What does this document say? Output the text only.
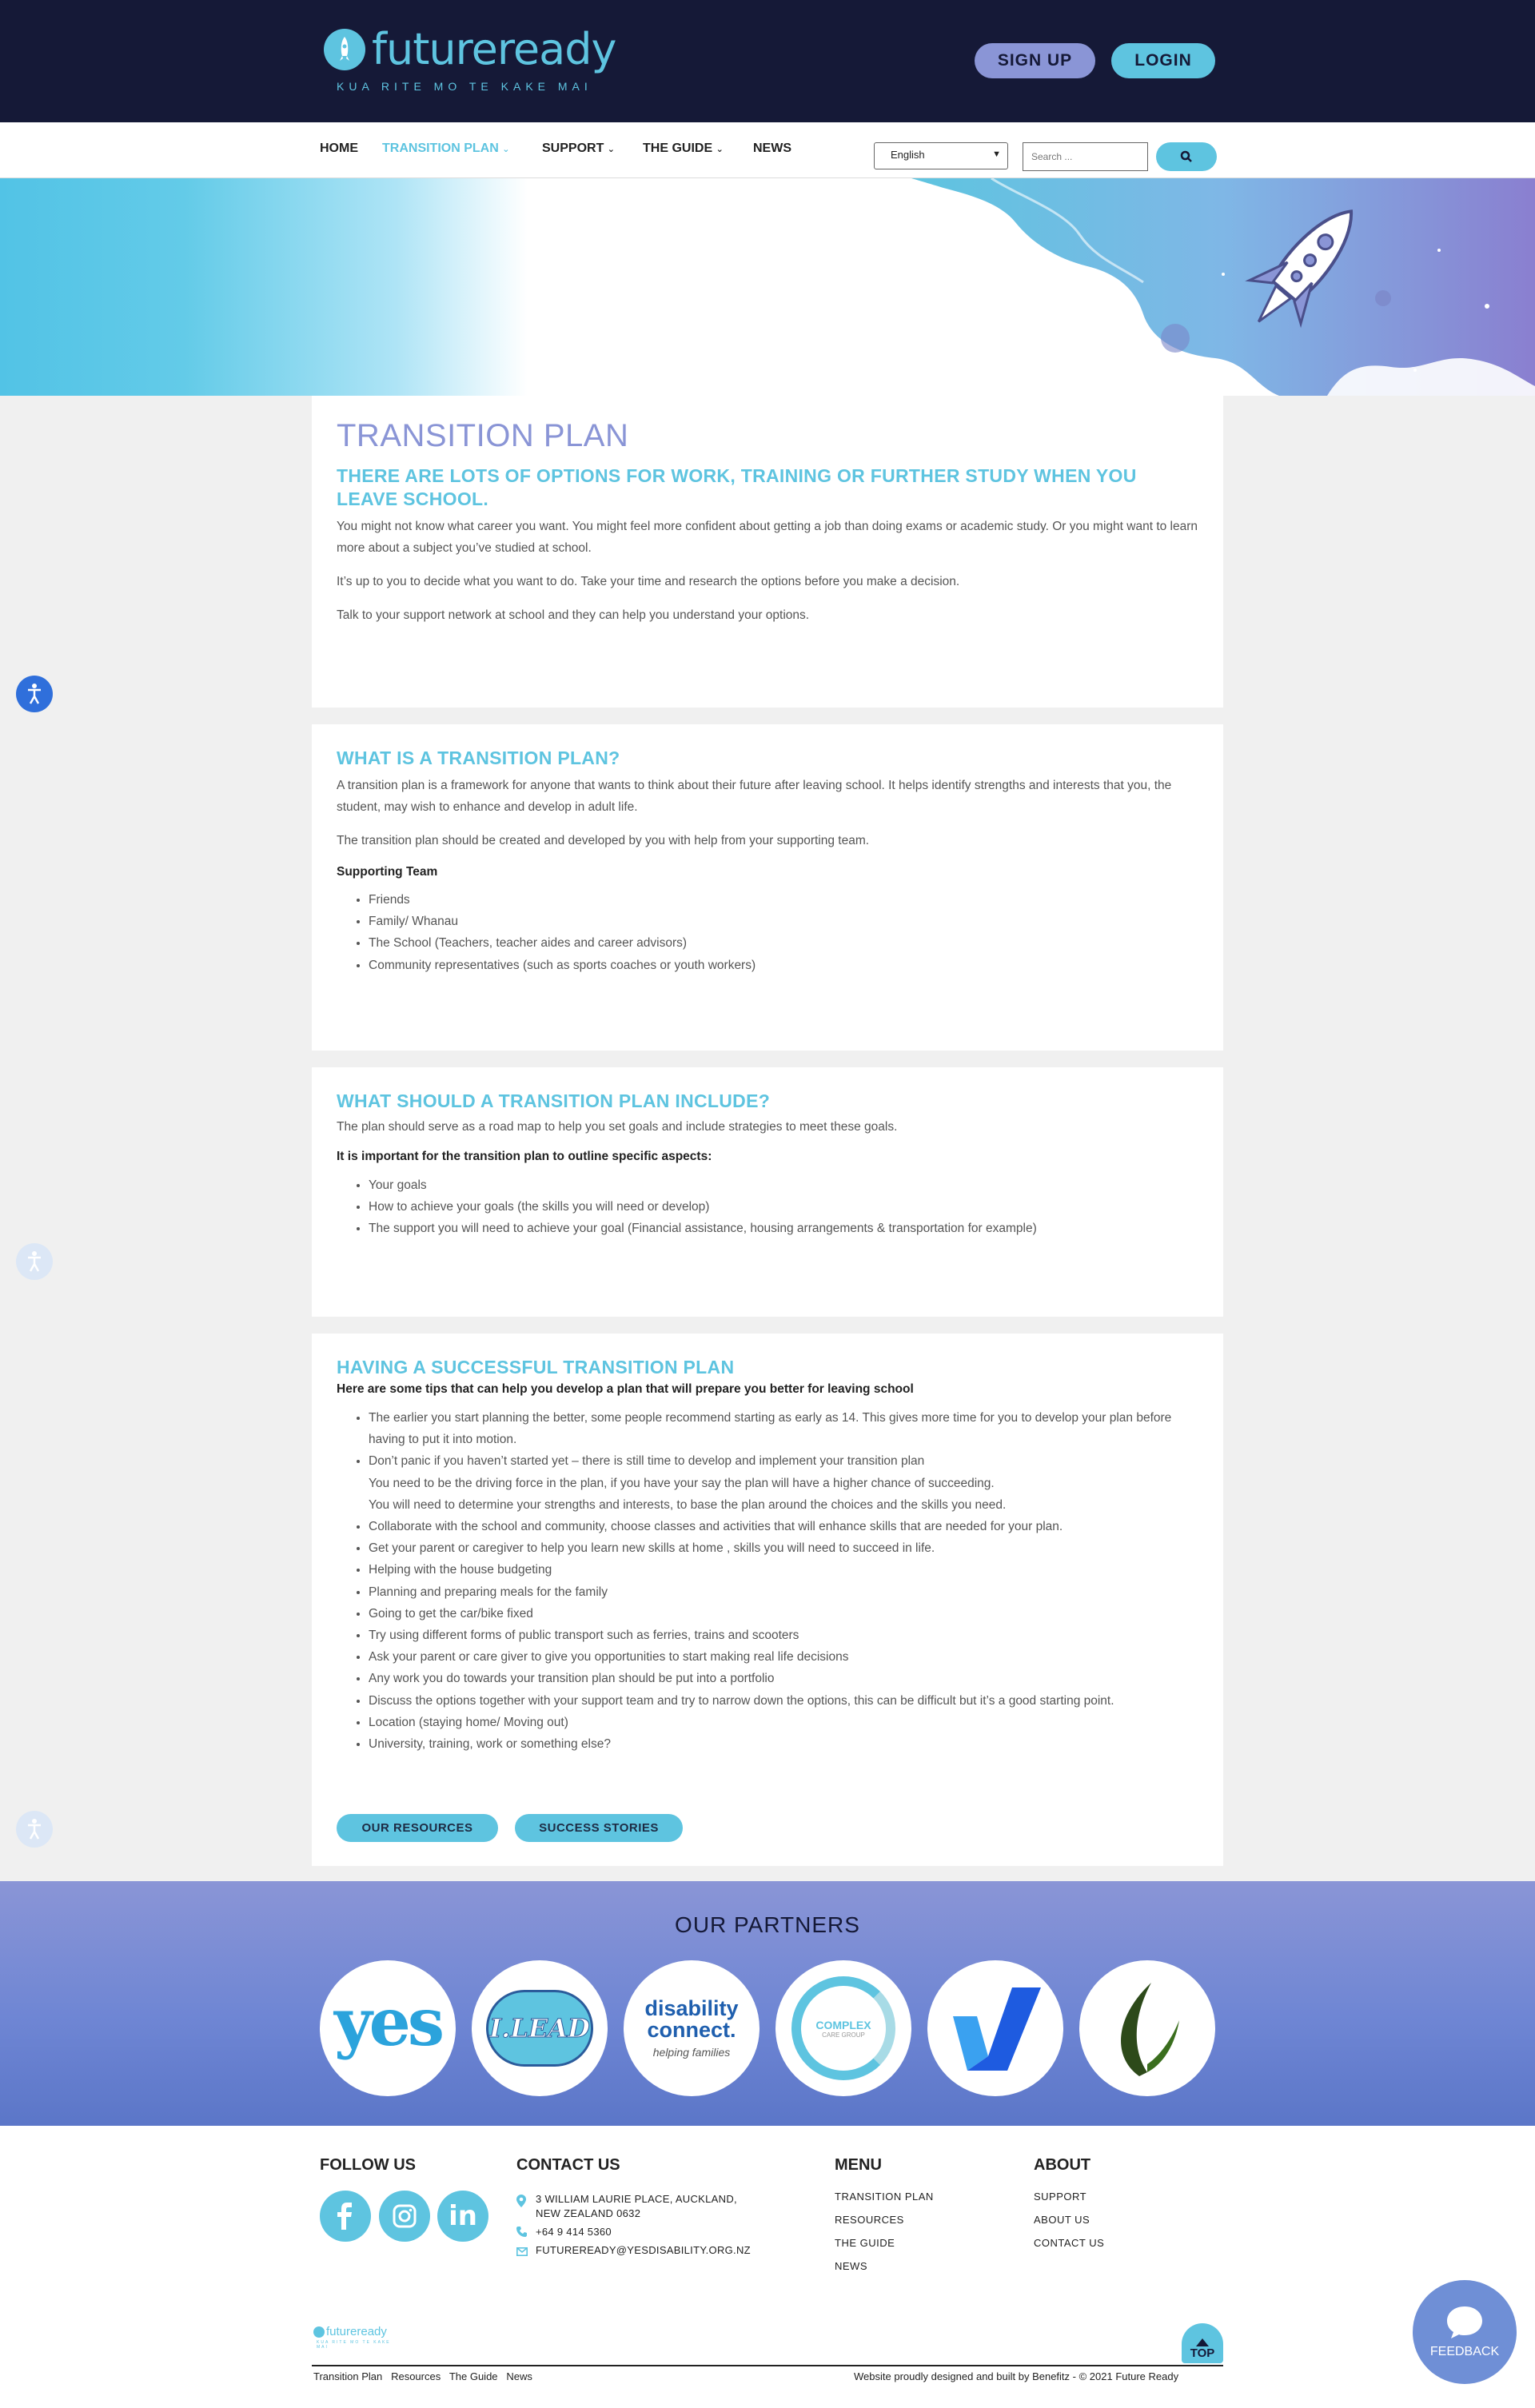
futureready
KUA RITE MO TE KAKE MAI
SIGN UP	LOGIN
HOME TRANSITION PLAN ⌄	SUPPORT ⌄ THE GUIDE ⌄ NEWS	English	▼	Search ...
TRANSITION PLAN
THERE ARE LOTS OF OPTIONS FOR WORK, TRAINING OR FURTHER STUDY WHEN YOU LEAVE SCHOOL.

You might not know what career you want. You might feel more confident about getting a job than doing exams or academic study. Or you might want to learn more about a subject you’ve studied at school.

It’s up to you to decide what you want to do. Take your time and research the options before you make a decision.

Talk to your support network at school and they can help you understand your options.

WHAT IS A TRANSITION PLAN?

A transition plan is a framework for anyone that wants to think about their future after leaving school. It helps identify strengths and interests that you, the student, may wish to enhance and develop in adult life.

The transition plan should be created and developed by you with help from your supporting team.

Supporting Team

• Friends
• Family/ Whanau
• The School (Teachers, teacher aides and career advisors)
• Community representatives (such as sports coaches or youth workers)
WHAT SHOULD A TRANSITION PLAN INCLUDE?

The plan should serve as a road map to help you set goals and include strategies to meet these goals.

It is important for the transition plan to outline specific aspects:

• Your goals
• How to achieve your goals (the skills you will need or develop)
• The support you will need to achieve your goal (Financial assistance, housing arrangements & transportation for example)
HAVING A SUCCESSFUL TRANSITION PLAN

Here are some tips that can help you develop a plan that will prepare you better for leaving school

• The earlier you start planning the better, some people recommend starting as early as 14. This gives more time for you to develop your plan before having to put it into motion.
• Don’t panic if you haven’t started yet – there is still time to develop and implement your transition plan
You need to be the driving force in the plan, if you have your say the plan will have a higher chance of succeeding.
You will need to determine your strengths and interests, to base the plan around the choices and the skills you need.
• Collaborate with the school and community, choose classes and activities that will enhance skills that are needed for your plan.
• Get your parent or caregiver to help you learn new skills at home , skills you will need to succeed in life.
• Helping with the house budgeting
• Planning and preparing meals for the family
• Going to get the car/bike fixed
• Try using different forms of public transport such as ferries, trains and scooters
• Ask your parent or care giver to give you opportunities to start making real life decisions
• Any work you do towards your transition plan should be put into a portfolio
• Discuss the options together with your support team and try to narrow down the options, this can be difficult but it’s a good starting point.
• Location (staying home/ Moving out)
• University, training, work or something else?
OUR RESOURCES	SUCCESS STORIES
OUR PARTNERS
yes I.LEAD
disability connect.
helping families
COMPLEX
CARE GROUP
FOLLOW US
in
CONTACT US
3 WILLIAM LAURIE PLACE, AUCKLAND,
NEW ZEALAND 0632
+64 9 414 5360
FUTUREREADY@YESDISABILITY.ORG.NZ
MENU
TRANSITION PLAN
RESOURCES
THE GUIDE
NEWS
ABOUT
SUPPORT
ABOUT US
CONTACT US
futureready
KUA RITE MO TE KAKE MAI	TOP
Transition Plan Resources The Guide News	Website proudly designed and built by Benefitz - © 2021 Future Ready
FEEDBACK
